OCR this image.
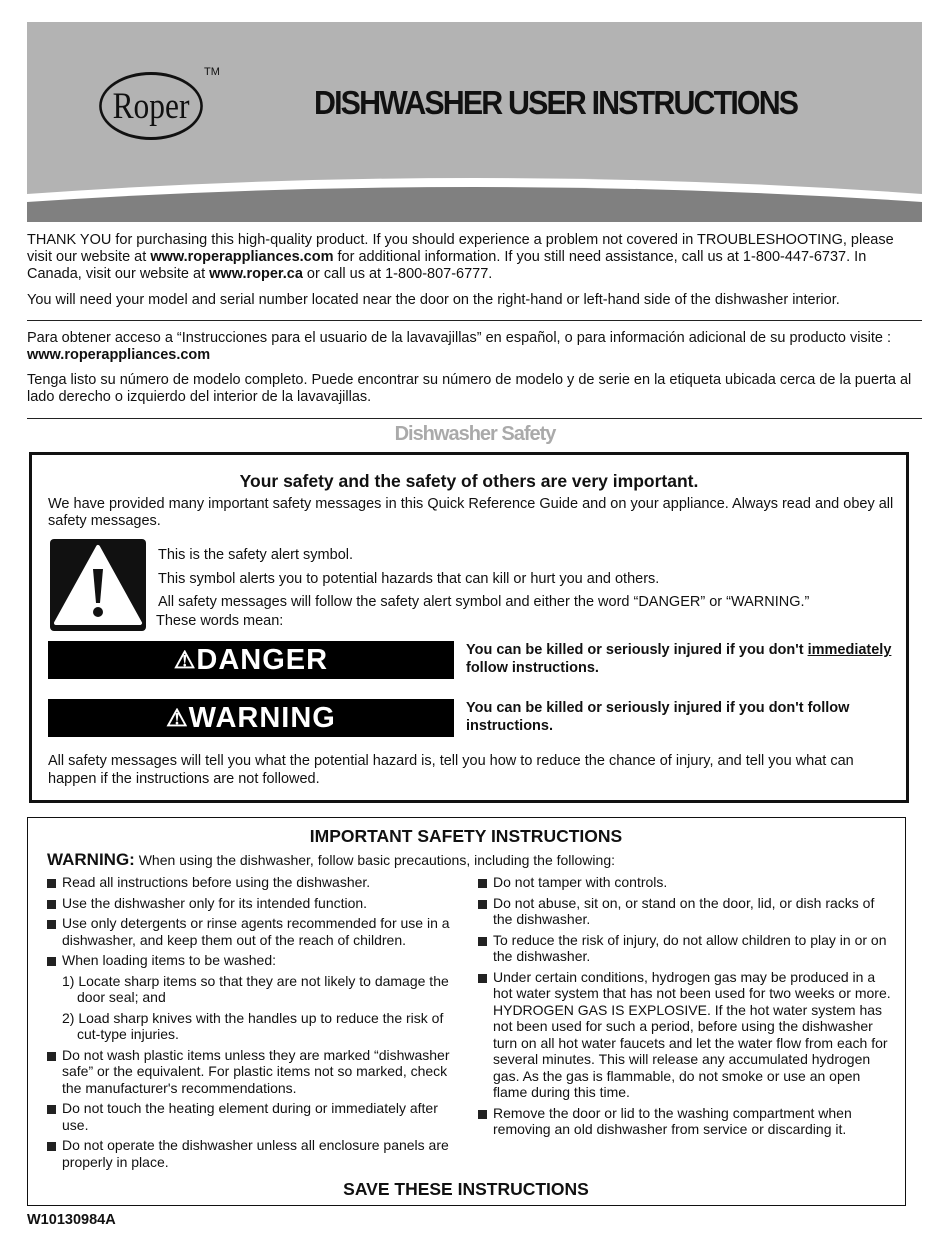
Roper
TM
DISHWASHER USER INSTRUCTIONS
THANK YOU for purchasing this high-quality product. If you should experience a problem not covered in TROUBLESHOOTING, please visit our website at www.roperappliances.com for additional information. If you still need assistance, call us at 1-800-447-6737. In Canada, visit our website at www.roper.ca or call us at 1-800-807-6777.
You will need your model and serial number located near the door on the right-hand or left-hand side of the dishwasher interior.
Para obtener acceso a “Instrucciones para el usuario de la lavavajillas” en español, o para información adicional de su producto visite : www.roperappliances.com
Tenga listo su número de modelo completo. Puede encontrar su número de modelo y de serie en la etiqueta ubicada cerca de la puerta al lado derecho o izquierdo del interior de la lavavajillas.
Dishwasher Safety
Your safety and the safety of others are very important.
We have provided many important safety messages in this Quick Reference Guide and on your appliance. Always read and obey all safety messages.
This is the safety alert symbol.
This symbol alerts you to potential hazards that can kill or hurt you and others.
All safety messages will follow the safety alert symbol and either the word “DANGER” or “WARNING.”
These words mean:
⚠ DANGER	You can be killed or seriously injured if you don't immediately follow instructions.
⚠ WARNING	You can be killed or seriously injured if you don't follow instructions.
All safety messages will tell you what the potential hazard is, tell you how to reduce the chance of injury, and tell you what can happen if the instructions are not followed.
IMPORTANT SAFETY INSTRUCTIONS
WARNING: When using the dishwasher, follow basic precautions, including the following:
Read all instructions before using the dishwasher.
Use the dishwasher only for its intended function.
Use only detergents or rinse agents recommended for use in a dishwasher, and keep them out of the reach of children.
When loading items to be washed:
1) Locate sharp items so that they are not likely to damage the door seal; and
2) Load sharp knives with the handles up to reduce the risk of cut-type injuries.
Do not wash plastic items unless they are marked “dishwasher safe” or the equivalent. For plastic items not so marked, check the manufacturer's recommendations.
Do not touch the heating element during or immediately after use.
Do not operate the dishwasher unless all enclosure panels are properly in place.
Do not tamper with controls.
Do not abuse, sit on, or stand on the door, lid, or dish racks of the dishwasher.
To reduce the risk of injury, do not allow children to play in or on the dishwasher.
Under certain conditions, hydrogen gas may be produced in a hot water system that has not been used for two weeks or more. HYDROGEN GAS IS EXPLOSIVE. If the hot water system has not been used for such a period, before using the dishwasher turn on all hot water faucets and let the water flow from each for several minutes. This will release any accumulated hydrogen gas. As the gas is flammable, do not smoke or use an open flame during this time.
Remove the door or lid to the washing compartment when removing an old dishwasher from service or discarding it.
SAVE THESE INSTRUCTIONS
W10130984A
